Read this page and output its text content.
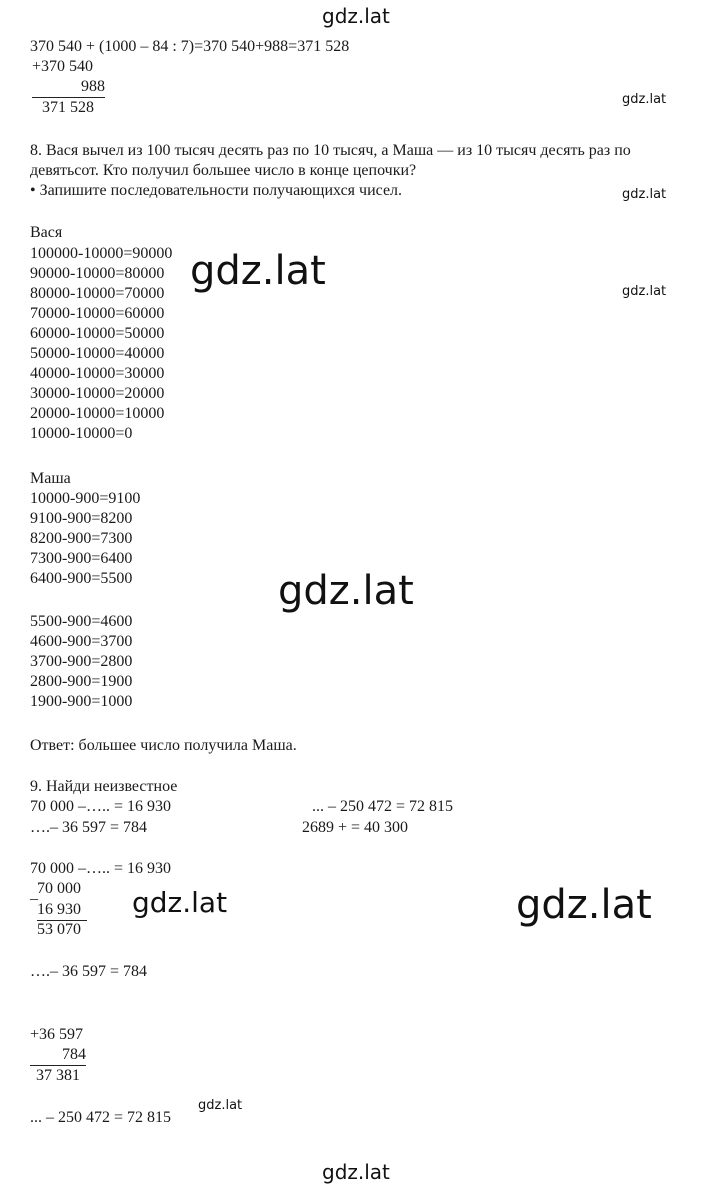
gdz.lat
370 540 + (1000 – 84 : 7)=370 540+988=371 528
+370 540
988
371 528	gdz.lat
8. Вася вычел из 100 тысяч десять раз по 10 тысяч, а Маша — из 10 тысяч десять раз по
девятьсот. Кто получил большее число в конце цепочки?
• Запишите последовательности получающихся чисел.	gdz.lat
Вася
100000-10000=90000
90000-10000=80000
80000-10000=70000
70000-10000=60000
60000-10000=50000
50000-10000=40000
40000-10000=30000
30000-10000=20000
20000-10000=10000
10000-10000=0
gdz.lat	gdz.lat
Маша
10000-900=9100
9100-900=8200
8200-900=7300
7300-900=6400
6400-900=5500	gdz.lat
5500-900=4600
4600-900=3700
3700-900=2800
2800-900=1900
1900-900=1000
Ответ: большее число получила Маша.
9. Найди неизвестное
70 000 –….. = 16 930	... – 250 472 = 72 815
….– 36 597 = 784	2689 + = 40 300
70 000 –….. = 16 930
_ 70 000
16 930
53 070
gdz.lat	gdz.lat
….– 36 597 = 784
+36 597
784
37 381
... – 250 472 = 72 815
gdz.lat
gdz.lat
